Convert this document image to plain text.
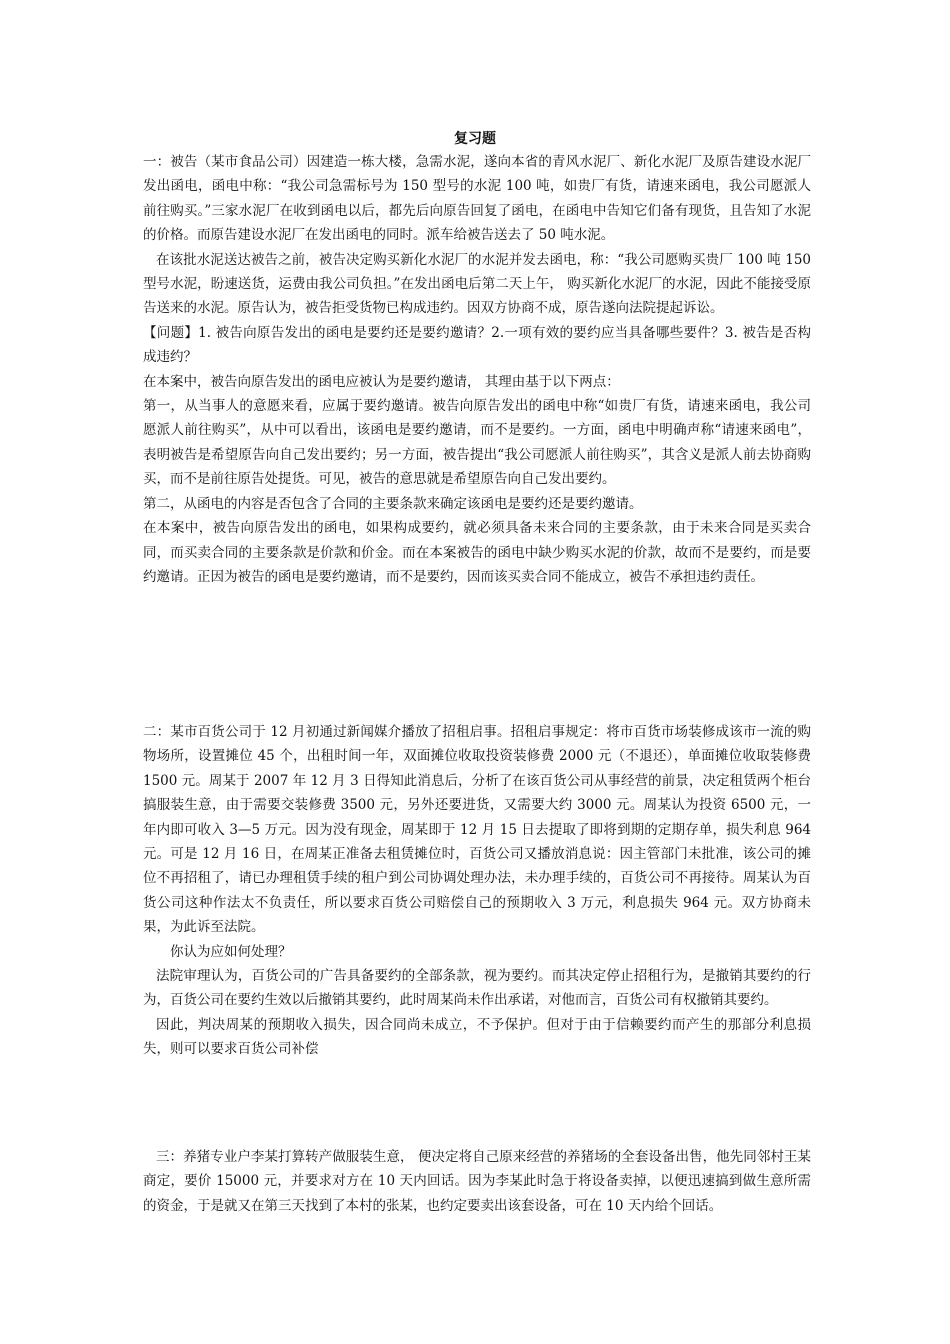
复习题

一：被告（某市食品公司）因建造一栋大楼，急需水泥，遂向本省的青风水泥厂、新化水泥厂及原告建设水泥厂发出函电，函电中称：“我公司急需标号为 150 型号的水泥 100 吨，如贵厂有货，请速来函电，我公司愿派人前往购买。”三家水泥厂在收到函电以后，都先后向原告回复了函电，在函电中告知它们备有现货，且告知了水泥的价格。而原告建设水泥厂在发出函电的同时。派车给被告送去了 50 吨水泥。

在该批水泥送达被告之前，被告决定购买新化水泥厂的水泥并发去函电，称：“我公司愿购买贵厂 100 吨 150 型号水泥，盼速送货，运费由我公司负担。”在发出函电后第二天上午， 购买新化水泥厂的水泥，因此不能接受原告送来的水泥。原告认为，被告拒受货物已构成违约。因双方协商不成，原告遂向法院提起诉讼。

【问题】1. 被告向原告发出的函电是要约还是要约邀请？2.一项有效的要约应当具备哪些要件？3. 被告是否构成违约？

在本案中，被告向原告发出的函电应被认为是要约邀请， 其理由基于以下两点：

第一，从当事人的意愿来看，应属于要约邀请。被告向原告发出的函电中称“如贵厂有货，请速来函电，我公司愿派人前往购买”，从中可以看出，该函电是要约邀请，而不是要约。一方面，函电中明确声称“请速来函电”，表明被告是希望原告向自己发出要约；另一方面，被告提出“我公司愿派人前往购买”，其含义是派人前去协商购买，而不是前往原告处提货。可见，被告的意思就是希望原告向自己发出要约。

第二，从函电的内容是否包含了合同的主要条款来确定该函电是要约还是要约邀请。

在本案中，被告向原告发出的函电，如果构成要约，就必须具备未来合同的主要条款，由于未来合同是买卖合同，而买卖合同的主要条款是价款和价金。而在本案被告的函电中缺少购买水泥的价款，故而不是要约，而是要约邀请。正因为被告的函电是要约邀请，而不是要约，因而该买卖合同不能成立，被告不承担违约责任。

二：某市百货公司于 12 月初通过新闻媒介播放了招租启事。招租启事规定：将市百货市场装修成该市一流的购物场所，设置摊位 45 个，出租时间一年，双面摊位收取投资装修费 2000 元（不退还），单面摊位收取装修费 1500 元。周某于 2007 年 12 月 3 日得知此消息后，分析了在该百货公司从事经营的前景，决定租赁两个柜台搞服装生意，由于需要交装修费 3500 元，另外还要进货，又需要大约 3000 元。周某认为投资 6500 元，一年内即可收入 3—5 万元。因为没有现金，周某即于 12 月 15 日去提取了即将到期的定期存单，损失利息 964 元。可是 12 月 16 日，在周某正准备去租赁摊位时，百货公司又播放消息说：因主管部门未批准，该公司的摊位不再招租了，请已办理租赁手续的租户到公司协调处理办法，未办理手续的，百货公司不再接待。周某认为百货公司这种作法太不负责任，所以要求百货公司赔偿自己的预期收入 3 万元，利息损失 964 元。双方协商未果，为此诉至法院。

你认为应如何处理？

法院审理认为，百货公司的广告具备要约的全部条款，视为要约。而其决定停止招租行为，是撤销其要约的行为，百货公司在要约生效以后撤销其要约，此时周某尚未作出承诺，对他而言，百货公司有权撤销其要约。

因此，判决周某的预期收入损失，因合同尚未成立，不予保护。但对于由于信赖要约而产生的那部分利息损失，则可以要求百货公司补偿

三：养猪专业户李某打算转产做服装生意， 便决定将自己原来经营的养猪场的全套设备出售，他先同邻村王某商定，要价 15000 元，并要求对方在 10 天内回话。因为李某此时急于将设备卖掉，以便迅速搞到做生意所需的资金，于是就又在第三天找到了本村的张某，也约定要卖出该套设备，可在 10 天内给个回话。
